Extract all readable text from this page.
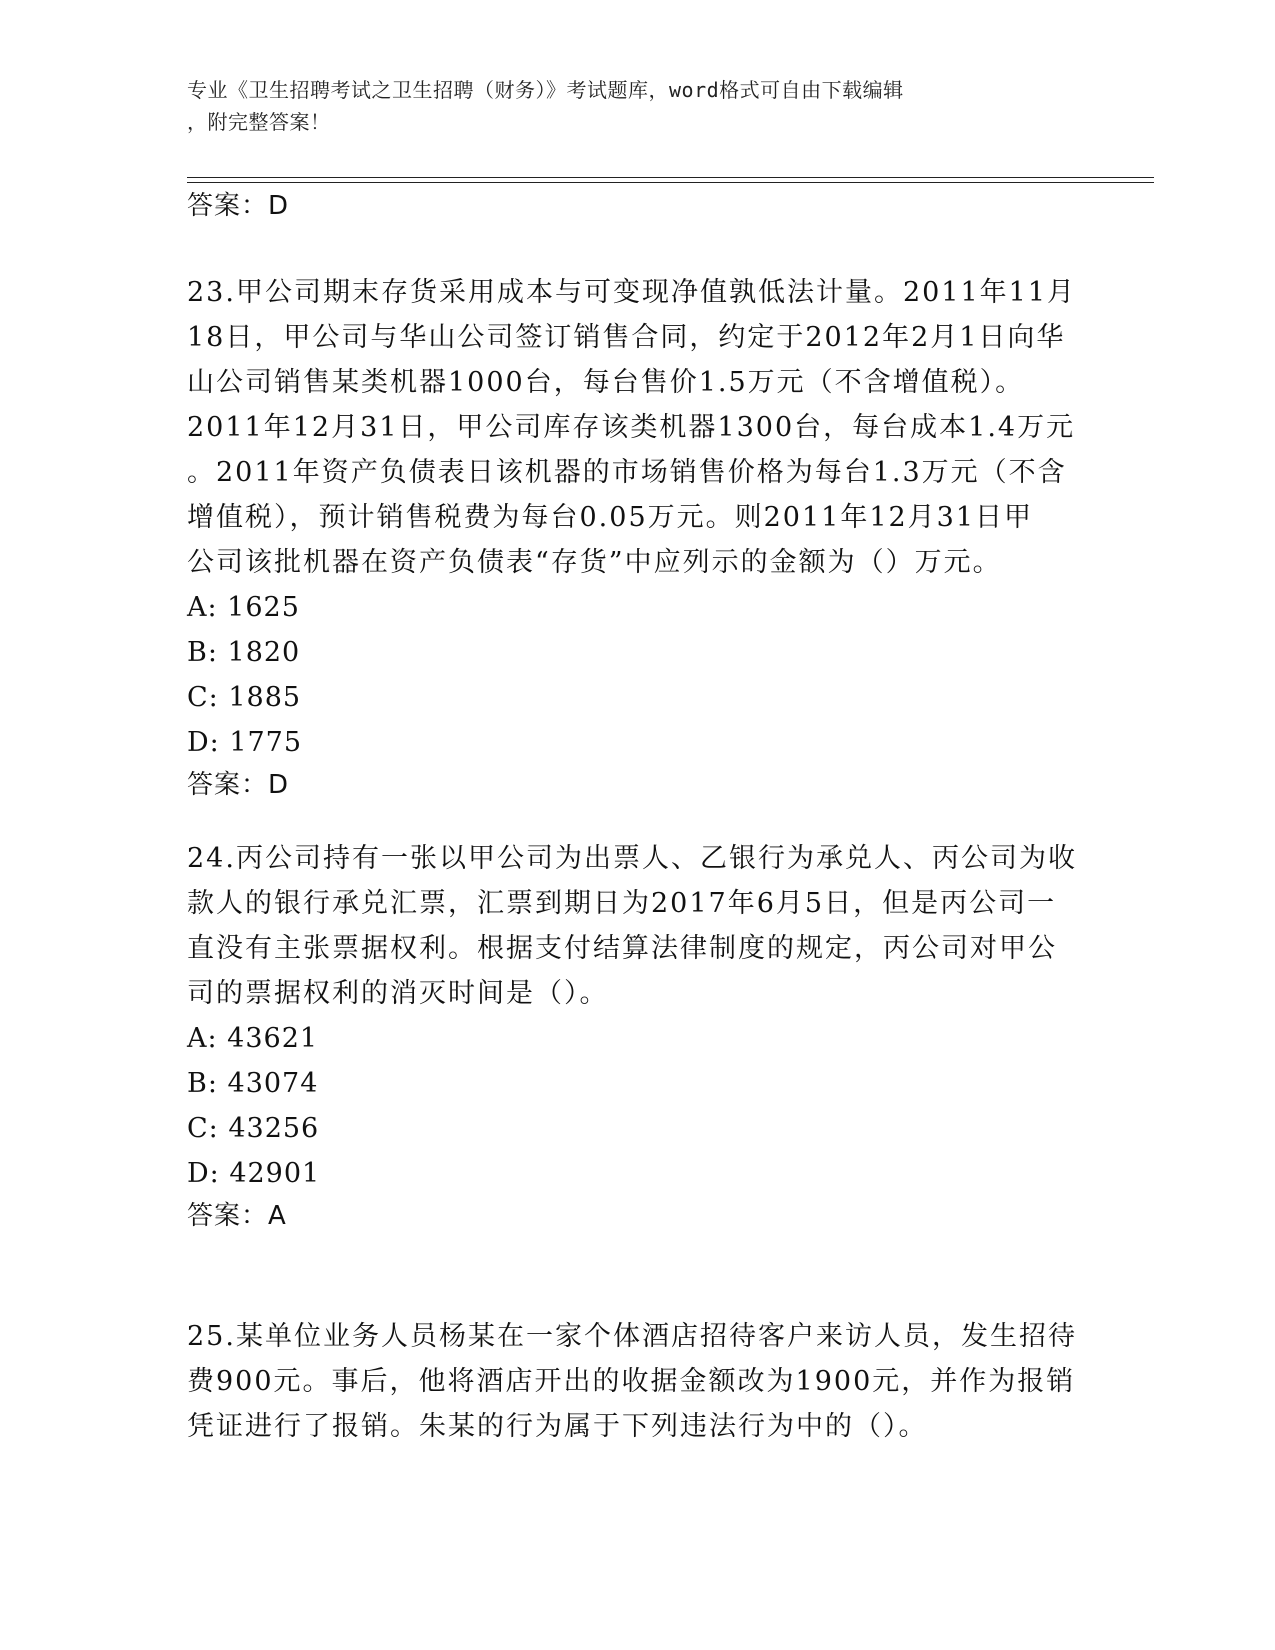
专业《卫生招聘考试之卫生招聘（财务）》考试题库，word格式可自由下载编辑
，附完整答案！

答案：D

23.甲公司期末存货采用成本与可变现净值孰低法计量。2011年11月
18日，甲公司与华山公司签订销售合同，约定于2012年2月1日向华
山公司销售某类机器1000台，每台售价1.5万元（不含增值税）。
2011年12月31日，甲公司库存该类机器1300台，每台成本1.4万元
。2011年资产负债表日该机器的市场销售价格为每台1.3万元（不含
增值税），预计销售税费为每台0.05万元。则2011年12月31日甲
公司该批机器在资产负债表“存货”中应列示的金额为（）万元。

A: 1625

B: 1820

C: 1885

D: 1775

答案：D

24.丙公司持有一张以甲公司为出票人、乙银行为承兑人、丙公司为收
款人的银行承兑汇票，汇票到期日为2017年6月5日，但是丙公司一
直没有主张票据权利。根据支付结算法律制度的规定，丙公司对甲公
司的票据权利的消灭时间是（）。

A: 43621

B: 43074

C: 43256

D: 42901

答案：A

25.某单位业务人员杨某在一家个体酒店招待客户来访人员，发生招待
费900元。事后，他将酒店开出的收据金额改为1900元，并作为报销
凭证进行了报销。朱某的行为属于下列违法行为中的（）。
